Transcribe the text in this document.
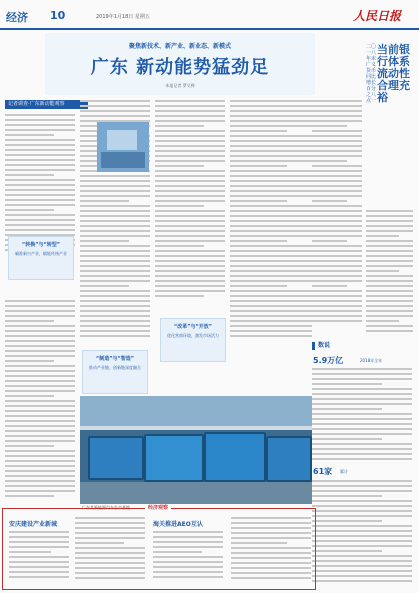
经济 10	2019年1月18日 星期五	人民日报
聚焦新技术、新产业、新业态、新模式
广东 新动能势猛劲足
本报记者 罗艾桦
记者调查·广东新动能观察
“转换”与“转型”
瞄准新兴产业，赋能传统产业
“改革”与“开放”
优化营商环境，激发市场活力
“制造”与“智造”
推动产业链、创新链深度融合
广东某新能源汽车生产基地
二〇一八年末广义货币同比增长百分之八点一
当前银行体系流动性合理充裕
数说
5.9万亿	2018年全年
61家 累计
经济观察
安庆建设产业新城	海关推进AEO互认
